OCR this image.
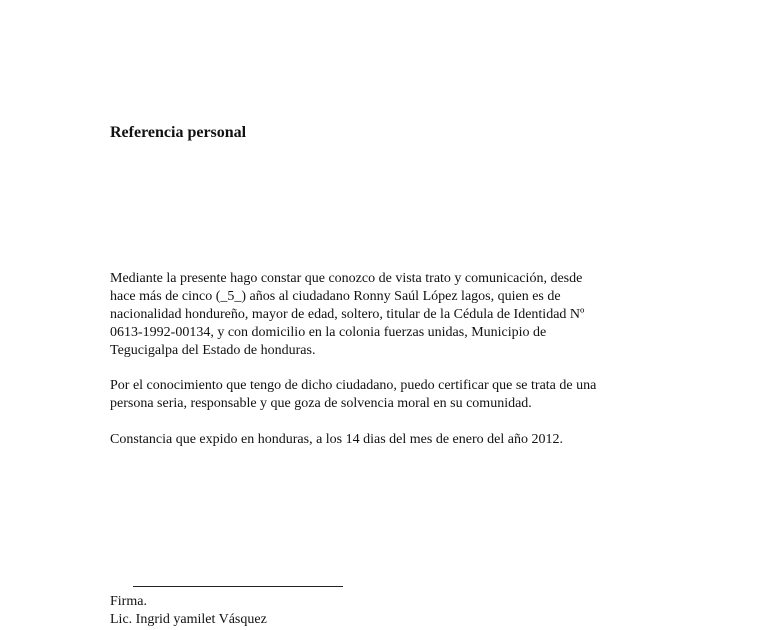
Referencia personal

Mediante la presente hago constar que conozco de vista trato y comunicación, desde
hace más de cinco (_5_) años al ciudadano Ronny Saúl López lagos, quien es de
nacionalidad hondureño, mayor de edad, soltero, titular de la Cédula de Identidad Nº
0613-1992-00134, y con domicilio en la colonia fuerzas unidas, Municipio de
Tegucigalpa del Estado de honduras.

Por el conocimiento que tengo de dicho ciudadano, puedo certificar que se trata de una
persona seria, responsable y que goza de solvencia moral en su comunidad.

Constancia que expido en honduras, a los 14 dias del mes de enero del año 2012.

Firma.

Lic. Ingrid yamilet Vásquez
